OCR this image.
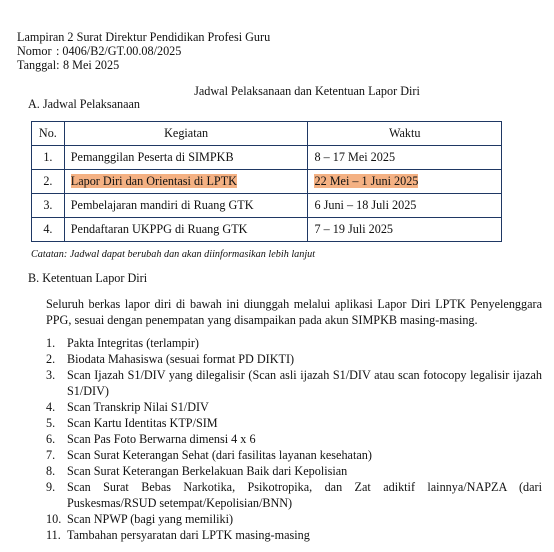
Lampiran 2 Surat Direktur Pendidikan Profesi Guru
Nomor : 0406/B2/GT.00.08/2025
Tanggal: 8 Mei 2025
Jadwal Pelaksanaan dan Ketentuan Lapor Diri
A. Jadwal Pelaksanaan
No.	Kegiatan	Waktu
1.	Pemanggilan Peserta di SIMPKB	8 – 17 Mei 2025
2.	Lapor Diri dan Orientasi di LPTK	22 Mei – 1 Juni 2025
3.	Pembelajaran mandiri di Ruang GTK	6 Juni – 18 Juli 2025
4.	Pendaftaran UKPPG di Ruang GTK	7 – 19 Juli 2025
Catatan: Jadwal dapat berubah dan akan diinformasikan lebih lanjut
B. Ketentuan Lapor Diri
Seluruh berkas lapor diri di bawah ini diunggah melalui aplikasi Lapor Diri LPTK Penyelenggara PPG, sesuai dengan penempatan yang disampaikan pada akun SIMPKB masing-masing.
1. Pakta Integritas (terlampir)
2. Biodata Mahasiswa (sesuai format PD DIKTI)
3. Scan Ijazah S1/DIV yang dilegalisir (Scan asli ijazah S1/DIV atau scan fotocopy legalisir ijazah S1/DIV)
4. Scan Transkrip Nilai S1/DIV
5. Scan Kartu Identitas KTP/SIM
6. Scan Pas Foto Berwarna dimensi 4 x 6
7. Scan Surat Keterangan Sehat (dari fasilitas layanan kesehatan)
8. Scan Surat Keterangan Berkelakuan Baik dari Kepolisian
9. Scan Surat Bebas Narkotika, Psikotropika, dan Zat adiktif lainnya/NAPZA (dari Puskesmas/RSUD setempat/Kepolisian/BNN)
10. Scan NPWP (bagi yang memiliki)
11. Tambahan persyaratan dari LPTK masing-masing
